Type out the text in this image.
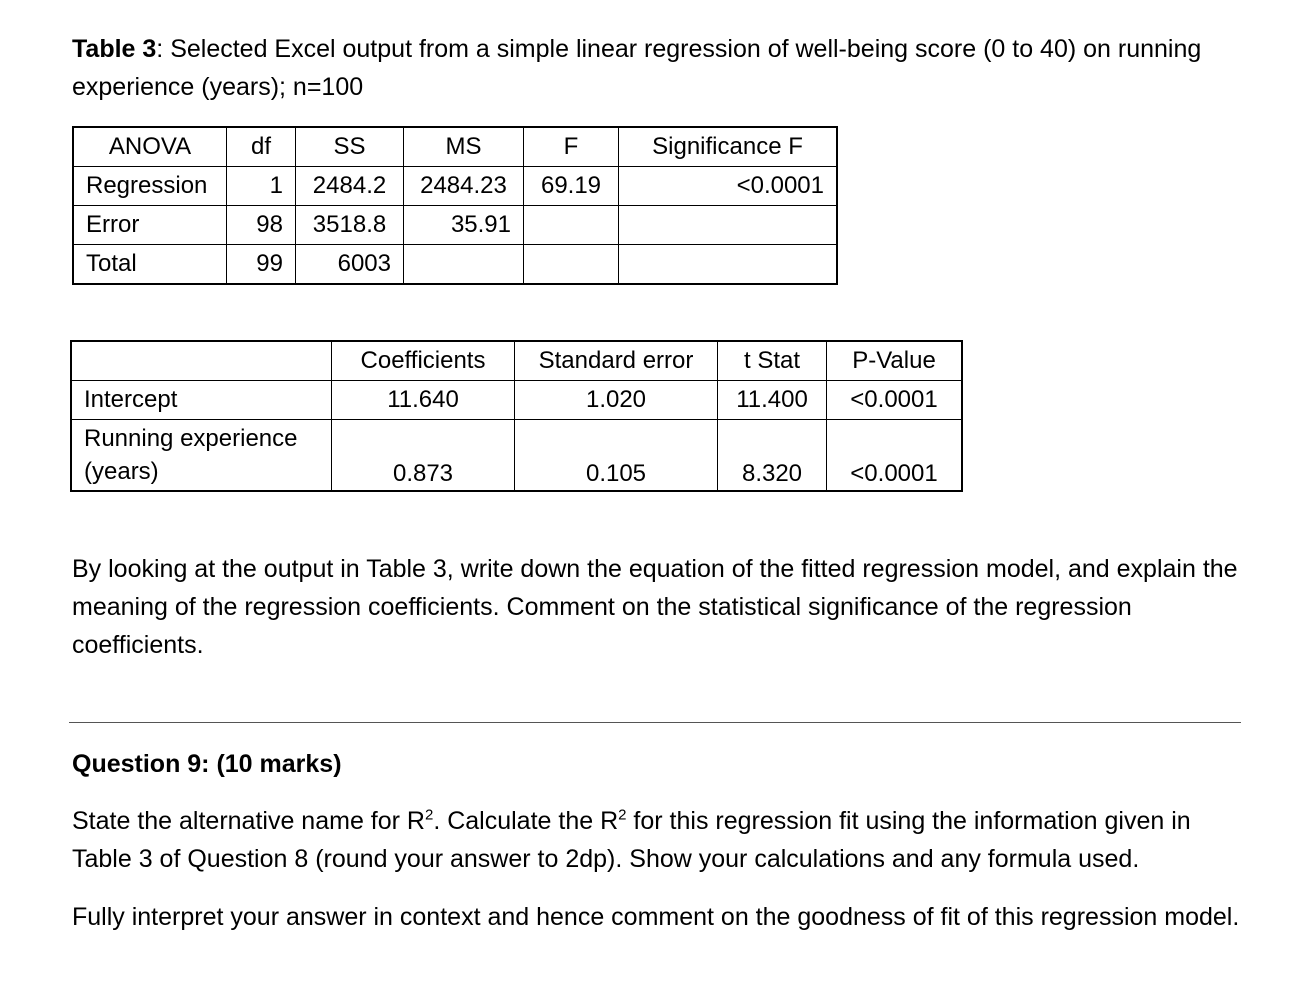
Table 3: Selected Excel output from a simple linear regression of well-being score (0 to 40) on running experience (years); n=100
ANOVA	df	SS	MS	F	Significance F
Regression	1	2484.2	2484.23	69.19	<0.0001
Error	98	3518.8	35.91		
Total	99	6003			
	Coefficients	Standard error	t Stat	P-Value
Intercept	11.640	1.020	11.400	<0.0001
Running experience
(years)	0.873	0.105	8.320	<0.0001
By looking at the output in Table 3, write down the equation of the fitted regression model, and explain the meaning of the regression coefficients. Comment on the statistical significance of the regression coefficients.
Question 9: (10 marks)
State the alternative name for $R^2$. Calculate the $R^2$ for this regression fit using the information given in Table 3 of Question 8 (round your answer to 2dp). Show your calculations and any formula used.
Fully interpret your answer in context and hence comment on the goodness of fit of this regression model.
